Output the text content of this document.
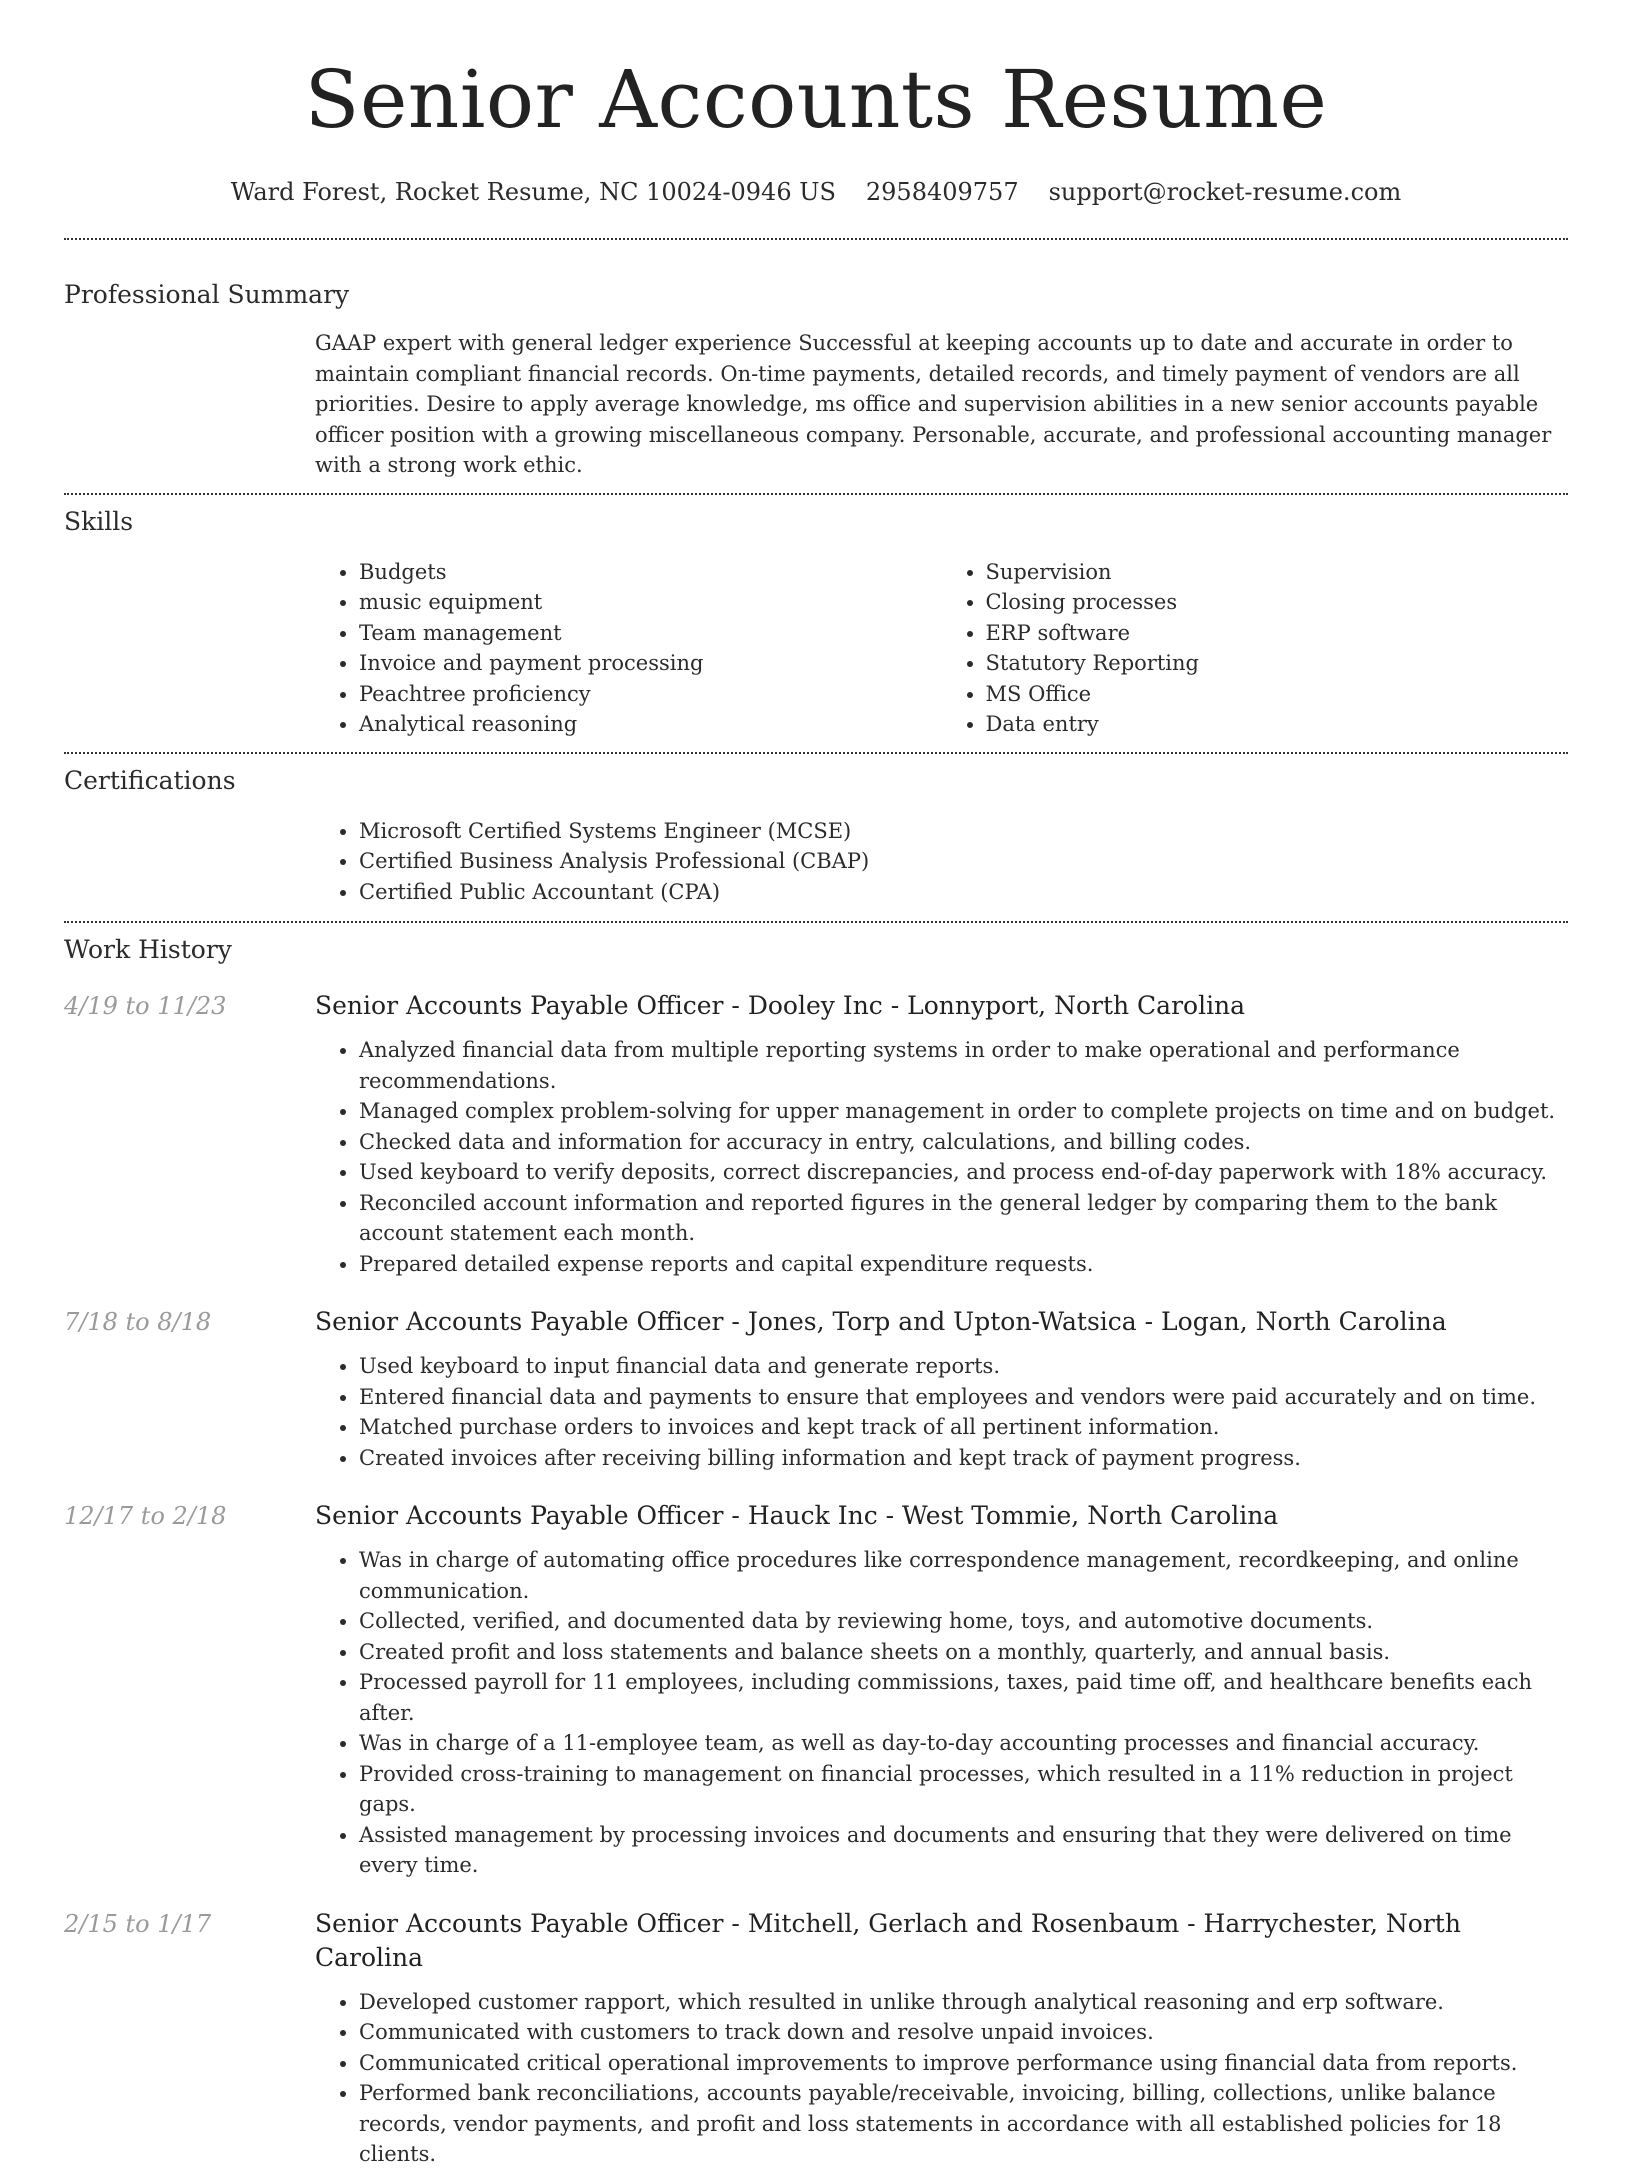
Senior Accounts Resume
Ward Forest, Rocket Resume, NC 10024-0946 US 2958409757 support@rocket-resume.com
Professional Summary

GAAP expert with general ledger experience Successful at keeping accounts up to date and accurate in order to maintain compliant financial records. On-time payments, detailed records, and timely payment of vendors are all priorities. Desire to apply average knowledge, ms office and supervision abilities in a new senior accounts payable officer position with a growing miscellaneous company. Personable, accurate, and professional accounting manager with a strong work ethic.

Skills
• Budgets
• music equipment
• Team management
• Invoice and payment processing
• Peachtree proficiency
• Analytical reasoning
• Supervision
• Closing processes
• ERP software
• Statutory Reporting
• MS Office
• Data entry
Certifications
• Microsoft Certified Systems Engineer (MCSE)
• Certified Business Analysis Professional (CBAP)
• Certified Public Accountant (CPA)
Work History
4/19 to 11/23	Senior Accounts Payable Officer - Dooley Inc - Lonnyport, North Carolina
• Analyzed financial data from multiple reporting systems in order to make operational and performance recommendations.
• Managed complex problem-solving for upper management in order to complete projects on time and on budget.
• Checked data and information for accuracy in entry, calculations, and billing codes.
• Used keyboard to verify deposits, correct discrepancies, and process end-of-day paperwork with 18% accuracy.
• Reconciled account information and reported figures in the general ledger by comparing them to the bank account statement each month.
• Prepared detailed expense reports and capital expenditure requests.
7/18 to 8/18	Senior Accounts Payable Officer - Jones, Torp and Upton-Watsica - Logan, North Carolina
• Used keyboard to input financial data and generate reports.
• Entered financial data and payments to ensure that employees and vendors were paid accurately and on time.
• Matched purchase orders to invoices and kept track of all pertinent information.
• Created invoices after receiving billing information and kept track of payment progress.
12/17 to 2/18	Senior Accounts Payable Officer - Hauck Inc - West Tommie, North Carolina
• Was in charge of automating office procedures like correspondence management, recordkeeping, and online communication.
• Collected, verified, and documented data by reviewing home, toys, and automotive documents.
• Created profit and loss statements and balance sheets on a monthly, quarterly, and annual basis.
• Processed payroll for 11 employees, including commissions, taxes, paid time off, and healthcare benefits each after.
• Was in charge of a 11-employee team, as well as day-to-day accounting processes and financial accuracy.
• Provided cross-training to management on financial processes, which resulted in a 11% reduction in project gaps.
• Assisted management by processing invoices and documents and ensuring that they were delivered on time every time.
2/15 to 1/17	Senior Accounts Payable Officer - Mitchell, Gerlach and Rosenbaum - Harrychester, North Carolina
• Developed customer rapport, which resulted in unlike through analytical reasoning and erp software.
• Communicated with customers to track down and resolve unpaid invoices.
• Communicated critical operational improvements to improve performance using financial data from reports.
• Performed bank reconciliations, accounts payable/receivable, invoicing, billing, collections, unlike balance records, vendor payments, and profit and loss statements in accordance with all established policies for 18 clients.
